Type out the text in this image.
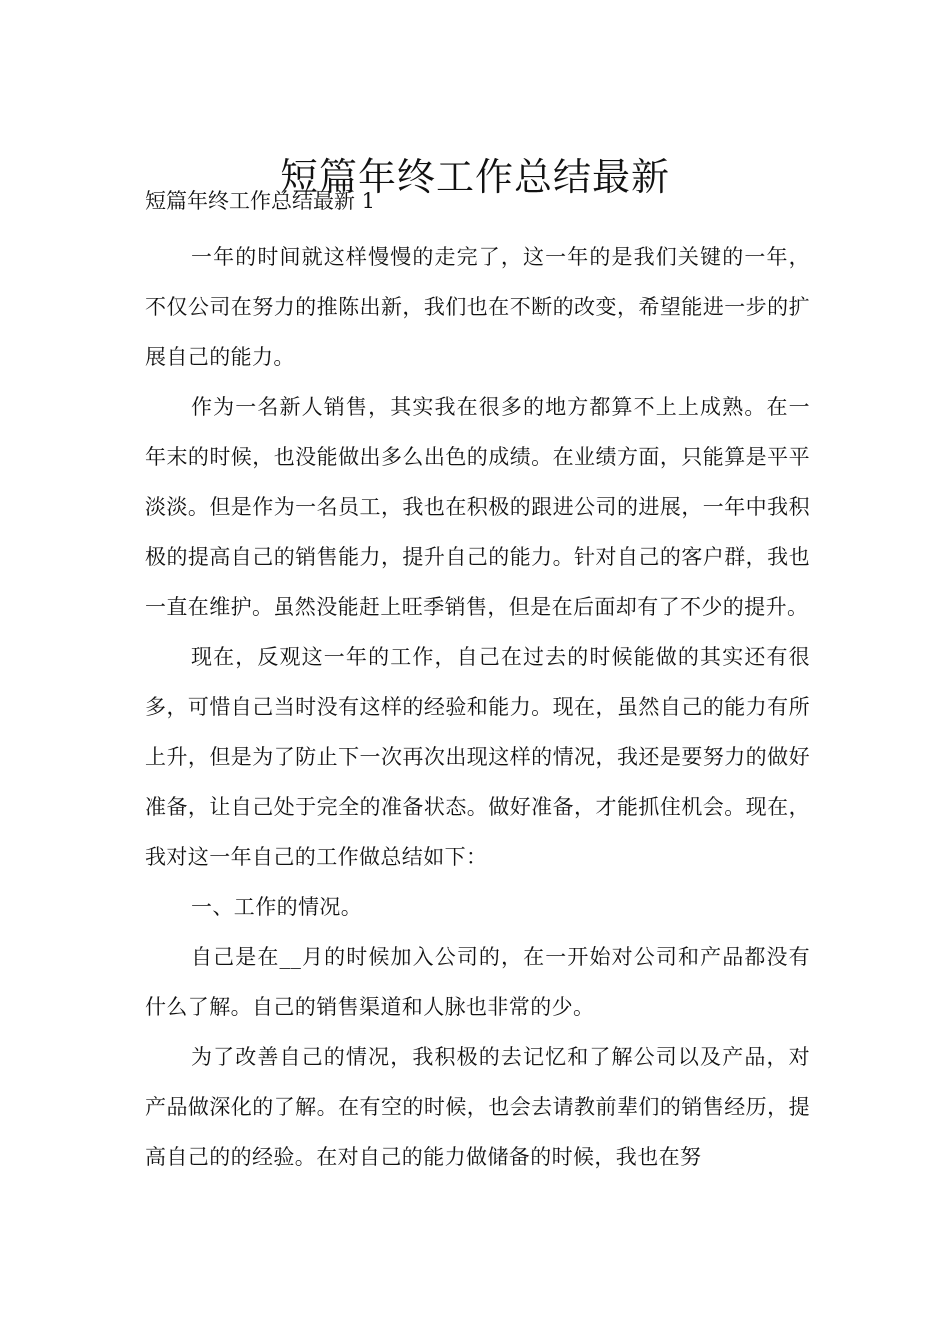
短篇年终工作总结最新
短篇年终工作总结最新 1

一年的时间就这样慢慢的走完了，这一年的是我们关键的一年，不仅公司在努力的推陈出新，我们也在不断的改变，希望能进一步的扩展自己的能力。

作为一名新人销售，其实我在很多的地方都算不上上成熟。在一年末的时候，也没能做出多么出色的成绩。在业绩方面，只能算是平平淡淡。但是作为一名员工，我也在积极的跟进公司的进展，一年中我积极的提高自己的销售能力，提升自己的能力。针对自己的客户群，我也一直在维护。虽然没能赶上旺季销售，但是在后面却有了不少的提升。

现在，反观这一年的工作，自己在过去的时候能做的其实还有很多，可惜自己当时没有这样的经验和能力。现在，虽然自己的能力有所上升，但是为了防止下一次再次出现这样的情况，我还是要努力的做好准备，让自己处于完全的准备状态。做好准备，才能抓住机会。现在，我对这一年自己的工作做总结如下：

一、工作的情况。

自己是在__月的时候加入公司的，在一开始对公司和产品都没有什么了解。自己的销售渠道和人脉也非常的少。

为了改善自己的情况，我积极的去记忆和了解公司以及产品，对产品做深化的了解。在有空的时候，也会去请教前辈们的销售经历，提高自己的的经验。在对自己的能力做储备的时候，我也在努
